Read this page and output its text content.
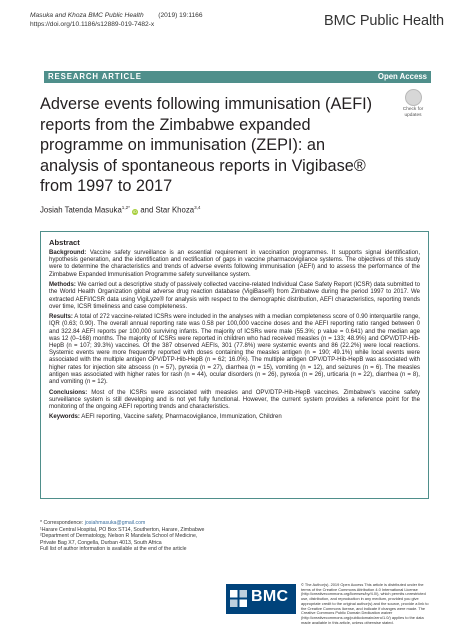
Masuka and Khoza BMC Public Health (2019) 19:1166
https://doi.org/10.1186/s12889-019-7482-x	BMC Public Health
RESEARCH ARTICLE	Open Access
Adverse events following immunisation (AEFI) reports from the Zimbabwe expanded programme on immunisation (ZEPI): an analysis of spontaneous reports in Vigibase® from 1997 to 2017
Check for
updates
Josiah Tatenda Masuka$^{1,2*}$ iD and Star Khoza$^{3,4}$
Abstract

Background: Vaccine safety surveillance is an essential requirement in vaccination programmes. It supports signal identification, hypothesis generation, and the identification and rectification of gaps in vaccine pharmacovigilance systems. The objectives of this study were to determine the characteristics and trends of adverse events following immunisation (AEFI) and to assess the performance of the Zimbabwe Expanded Immunisation Programme safety surveillance system.

Methods: We carried out a descriptive study of passively collected vaccine-related Individual Case Safety Report (ICSR) data submitted to the World Health Organization global adverse drug reaction database (VigiBase®) from Zimbabwe during the period 1997 to 2017. We extracted AEFI/ICSR data using VigiLyze® for analysis with respect to the demographic distribution, AEFI characteristics, reporting trends over time, ICSR timeliness and case completeness.

Results: A total of 272 vaccine-related ICSRs were included in the analyses with a median completeness score of 0.90 interquartile range, IQR (0.63; 0.90). The overall annual reporting rate was 0.58 per 100,000 vaccine doses and the AEFI reporting ratio ranged between 0 and 322.84 AEFI reports per 100,000 surviving infants. The majority of ICSRs were male (55.3%; p value = 0.641) and the median age was 12 (0–168) months. The majority of ICSRs were reported in children who had received measles (n = 133; 48.9%) and OPV/DTP-Hib-HepB (n = 107; 39.3%) vaccines. Of the 387 observed AEFIs, 301 (77.8%) were systemic events and 86 (22.2%) were local reactions. Systemic events were more frequently reported with doses containing the measles antigen (n = 190; 49.1%) while local events were associated with the multiple antigen OPV/DTP-Hib-HepB (n = 62; 16.0%). The multiple antigen OPV/DTP-Hib-HepB was associated with higher rates for injection site abscess (n = 57), pyrexia (n = 27), diarrhea (n = 15), vomiting (n = 12), and seizures (n = 6). The measles antigen was associated with higher rates for rash (n = 44), ocular disorders (n = 26), pyrexia (n = 26), urticaria (n = 22), diarrhea (n = 8), and vomiting (n = 12).

Conclusions: Most of the ICSRs were associated with measles and OPV/DTP-Hib-HepB vaccines. Zimbabwe's vaccine safety surveillance system is still developing and is not yet fully functional. However, the current system provides a reference point for the monitoring of the ongoing AEFI reporting trends and characteristics.

Keywords: AEFI reporting, Vaccine safety, Pharmacovigilance, Immunization, Children

* Correspondence: josiahmasuka@gmail.com
¹Harare Central Hospital, PO Box ST14, Southerton, Harare, Zimbabwe
²Department of Dermatology, Nelson R Mandela School of Medicine, Private Bag X7, Congella, Durban 4013, South Africa
Full list of author information is available at the end of the article
BMC
© The Author(s). 2019 Open Access This article is distributed under the terms of the Creative Commons Attribution 4.0 International License (http://creativecommons.org/licenses/by/4.0/), which permits unrestricted use, distribution, and reproduction in any medium, provided you give appropriate credit to the original author(s) and the source, provide a link to the Creative Commons license, and indicate if changes were made. The Creative Commons Public Domain Dedication waiver (http://creativecommons.org/publicdomain/zero/1.0/) applies to the data made available in this article, unless otherwise stated.
